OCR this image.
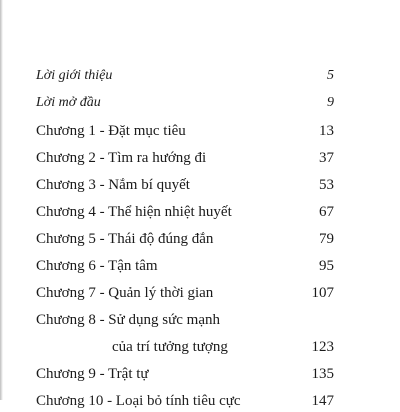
Lời giới thiệu	5
Lời mở đầu	9
Chương 1 - Đặt mục tiêu	13
Chương 2 - Tìm ra hướng đi	37
Chương 3 - Nắm bí quyết	53
Chương 4 - Thể hiện nhiệt huyết	67
Chương 5 - Thái độ đúng đắn	79
Chương 6 - Tận tâm	95
Chương 7 - Quản lý thời gian	107
Chương 8 - Sử dụng sức mạnh
của trí tưởng tượng	123
Chương 9 - Trật tự	135
Chương 10 - Loại bỏ tính tiêu cực	147
